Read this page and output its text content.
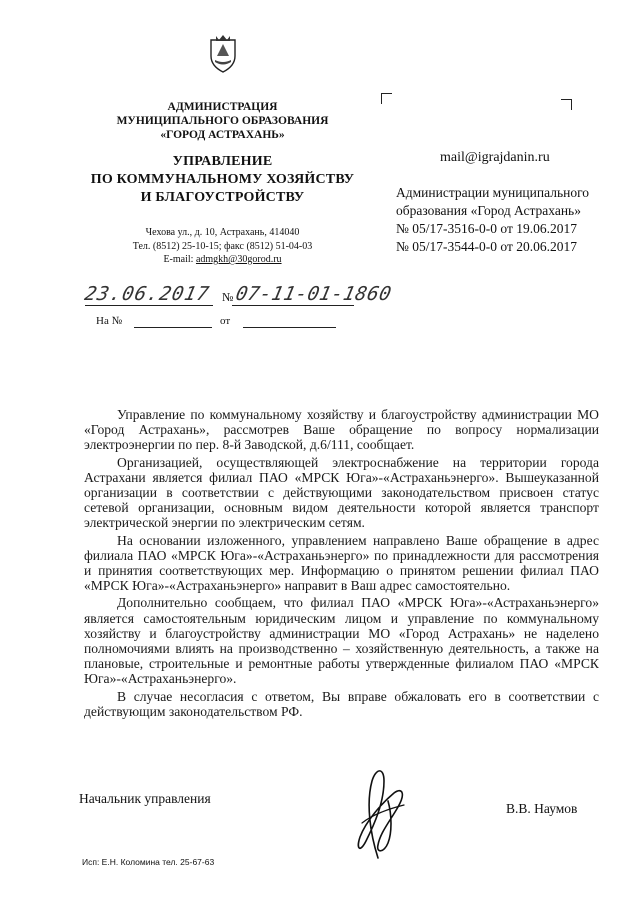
АДМИНИСТРАЦИЯ
МУНИЦИПАЛЬНОГО ОБРАЗОВАНИЯ
«ГОРОД АСТРАХАНЬ»
УПРАВЛЕНИЕ
ПО КОММУНАЛЬНОМУ ХОЗЯЙСТВУ
И БЛАГОУСТРОЙСТВУ
Чехова ул., д. 10, Астрахань, 414040
Тел. (8512) 25-10-15; факс (8512) 51-04-03
E-mail: admgkh@30gorod.ru
mail@igrajdanin.ru
Администрации муниципального
образования «Город Астрахань»
№ 05/17-3516-0-0 от 19.06.2017
№ 05/17-3544-0-0 от 20.06.2017
23.06.2017 № 07-11-01-1860
На №	от

Управление по коммунальному хозяйству и благоустройству администрации МО «Город Астрахань», рассмотрев Ваше обращение по вопросу нормализации электроэнергии по пер. 8-й Заводской, д.6/111, сообщает.

Организацией, осуществляющей электроснабжение на территории города Астрахани является филиал ПАО «МРСК Юга»-«Астраханьэнерго». Вышеуказанной организации в соответствии с действующими законодательством присвоен статус сетевой организации, основным видом деятельности которой является транспорт электрической энергии по электрическим сетям.

На основании изложенного, управлением направлено Ваше обращение в адрес филиала ПАО «МРСК Юга»-«Астраханьэнерго» по принадлежности для рассмотрения и принятия соответствующих мер. Информацию о принятом решении филиал ПАО «МРСК Юга»-«Астраханьэнерго» направит в Ваш адрес самостоятельно.

Дополнительно сообщаем, что филиал ПАО «МРСК Юга»-«Астраханьэнерго» является самостоятельным юридическим лицом и управление по коммунальному хозяйству и благоустройству администрации МО «Город Астрахань» не наделено полномочиями влиять на производственно – хозяйственную деятельность, а также на плановые, строительные и ремонтные работы утвержденные филиалом ПАО «МРСК Юга»-«Астраханьэнерго».

В случае несогласия с ответом, Вы вправе обжаловать его в соответствии с действующим законодательством РФ.

Начальник управления
В.В. Наумов
Исп: Е.Н. Коломина тел. 25-67-63
